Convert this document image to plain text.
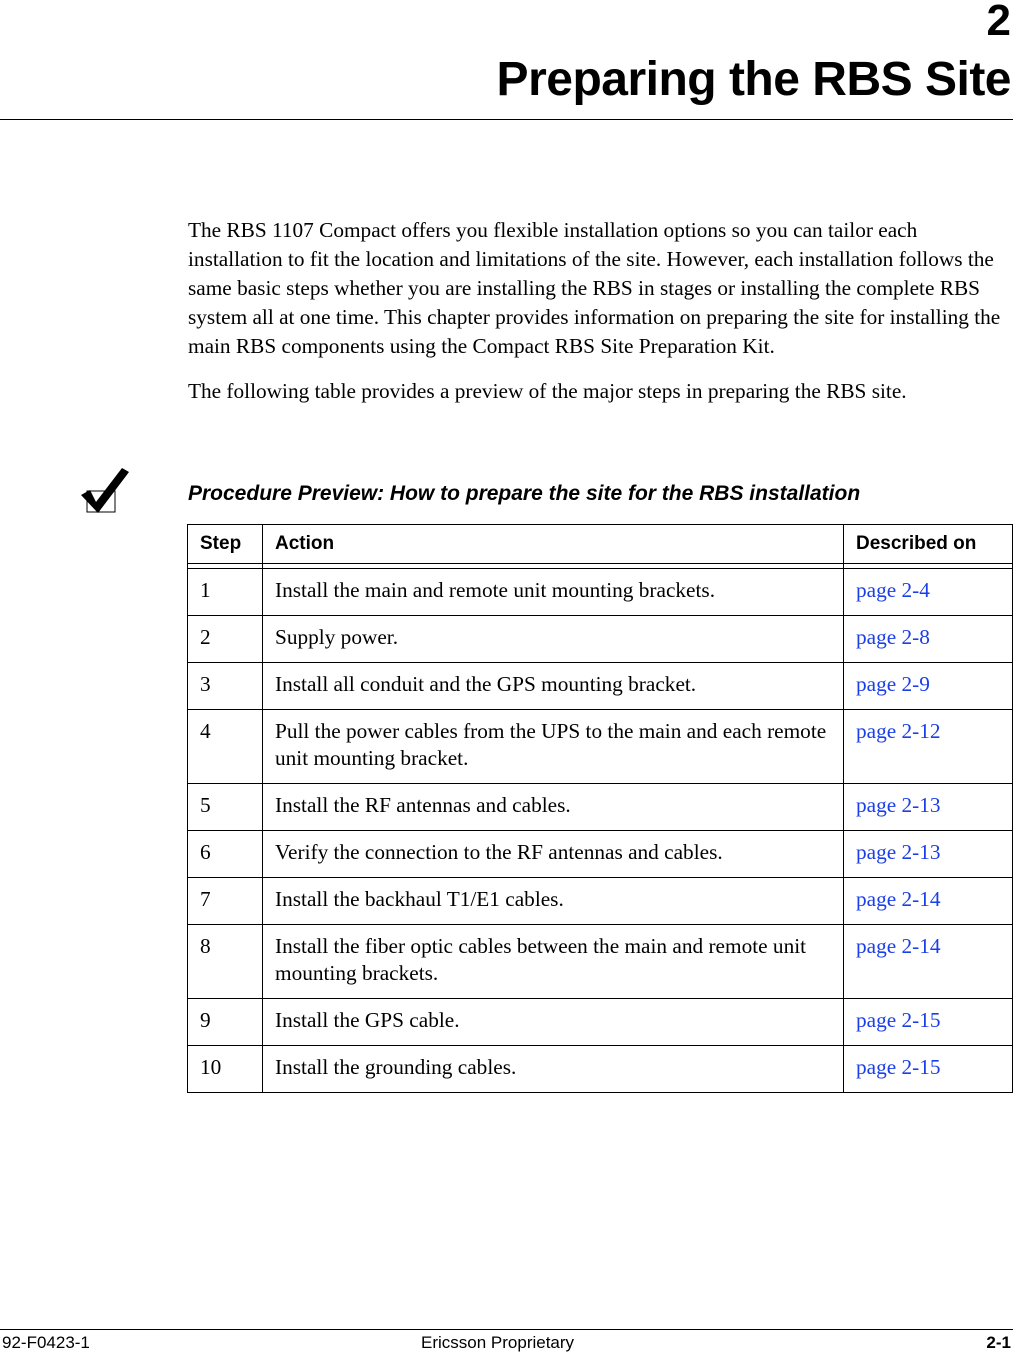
2
Preparing the RBS Site

The RBS 1107 Compact offers you flexible installation options so you can tailor each installation to fit the location and limitations of the site. However, each installation follows the same basic steps whether you are installing the RBS in stages or installing the complete RBS system all at one time. This chapter provides information on preparing the site for installing the main RBS components using the Compact RBS Site Preparation Kit.

The following table provides a preview of the major steps in preparing the RBS site.

Procedure Preview: How to prepare the site for the RBS installation
Step	Action	Described on

1	Install the main and remote unit mounting brackets.	page 2-4
2	Supply power.	page 2-8
3	Install all conduit and the GPS mounting bracket.	page 2-9
4	Pull the power cables from the UPS to the main and each remote unit mounting bracket.	page 2-12
5	Install the RF antennas and cables.	page 2-13
6	Verify the connection to the RF antennas and cables.	page 2-13
7	Install the backhaul T1/E1 cables.	page 2-14
8	Install the fiber optic cables between the main and remote unit mounting brackets.	page 2-14
9	Install the GPS cable.	page 2-15
10	Install the grounding cables.	page 2-15
92-F0423-1	Ericsson Proprietary	2-1
